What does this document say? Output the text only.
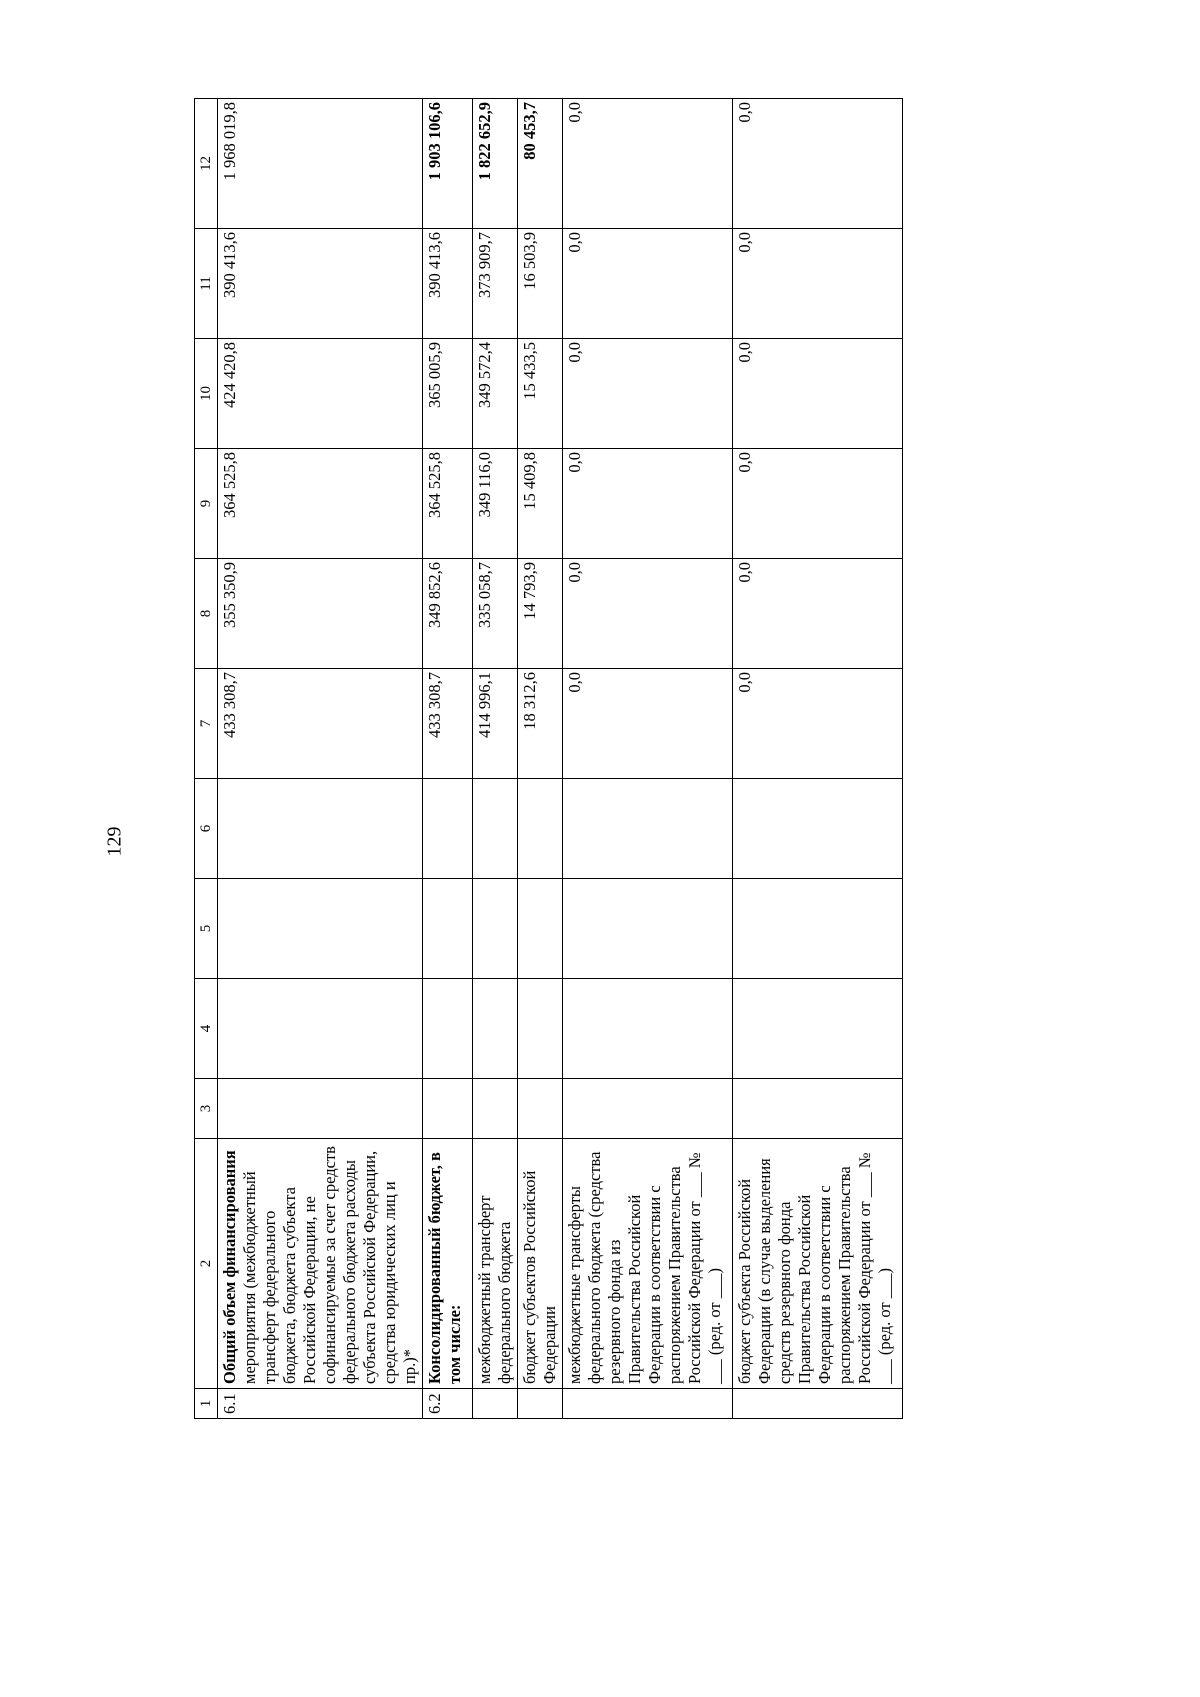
129
1	2	3	4	5	6	7	8	9	10	11	12
6.1	Общий объем финансирования мероприятия (межбюджетный трансферт федерального бюджета, бюджета субъекта Российской Федерации, не софинансируемые за счет средств федерального бюджета расходы субъекта Российской Федерации, средства юридических лиц и пр.)*					433 308,7	355 350,9	364 525,8	424 420,8	390 413,6	1 968 019,8
6.2	Консолидированный бюджет, в том числе:					433 308,7	349 852,6	364 525,8	365 005,9	390 413,6	1 903 106,6
	межбюджетный трансферт федерального бюджета					414 996,1	335 058,7	349 116,0	349 572,4	373 909,7	1 822 652,9
	бюджет субъектов Российской Федерации					18 312,6	14 793,9	15 409,8	15 433,5	16 503,9	80 453,7
	межбюджетные трансферты федерального бюджета (средства резервного фонда из Правительства Российской Федерации в соответствии с распоряжением Правительства Российской Федерации от ___ № ___ (ред. от ___)					0,0	0,0	0,0	0,0	0,0	0,0
	бюджет субъекта Российской Федерации (в случае выделения средств резервного фонда Правительства Российской Федерации в соответствии с распоряжением Правительства Российской Федерации от ___ № ___ (ред. от ___)					0,0	0,0	0,0	0,0	0,0	0,0
